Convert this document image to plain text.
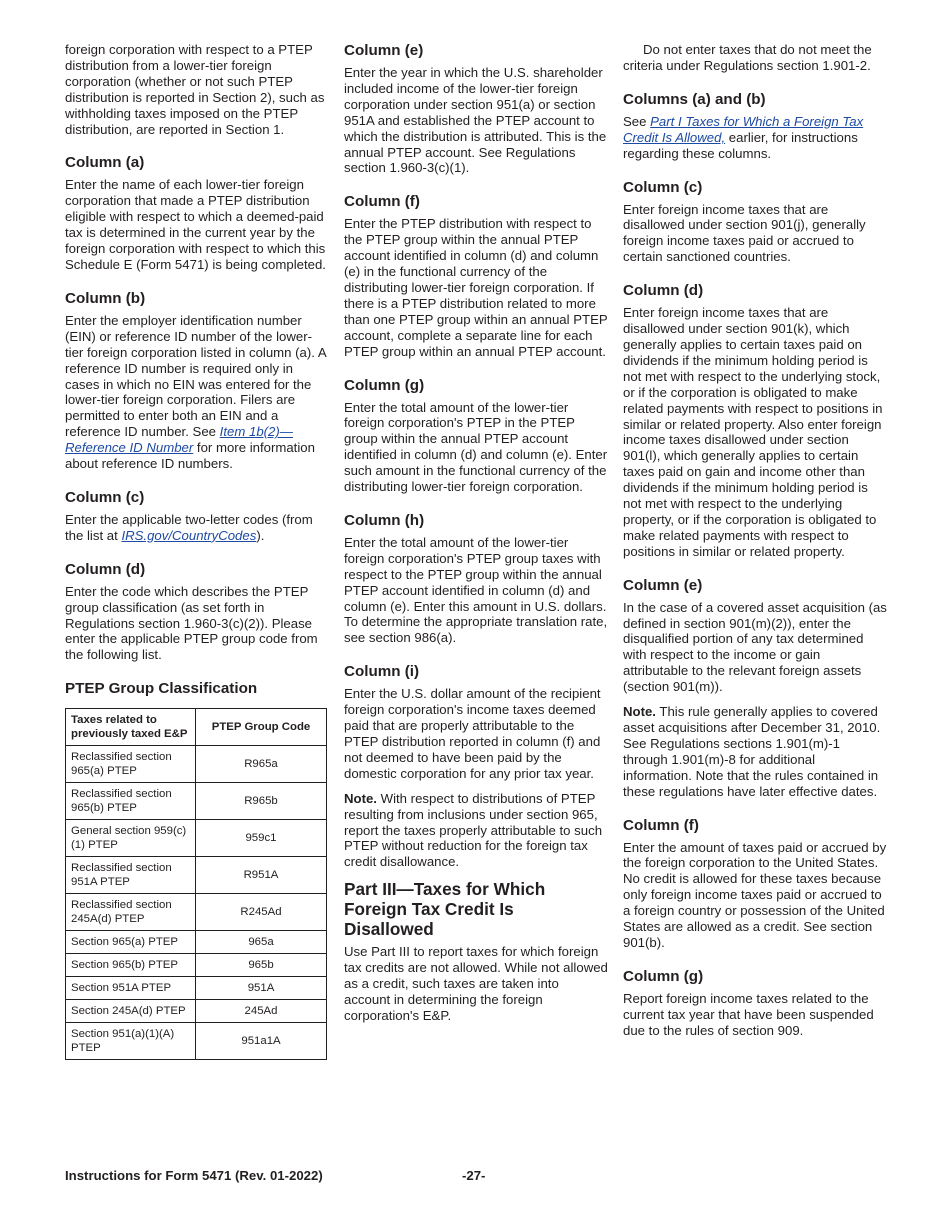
foreign corporation with respect to a PTEP distribution from a lower-tier foreign corporation (whether or not such PTEP distribution is reported in Section 2), such as withholding taxes imposed on the PTEP distribution, are reported in Section 1.

Column (a)

Enter the name of each lower-tier foreign corporation that made a PTEP distribution eligible with respect to which a deemed-paid tax is determined in the current year by the foreign corporation with respect to which this Schedule E (Form 5471) is being completed.

Column (b)

Enter the employer identification number (EIN) or reference ID number of the lower-tier foreign corporation listed in column (a). A reference ID number is required only in cases in which no EIN was entered for the lower-tier foreign corporation. Filers are permitted to enter both an EIN and a reference ID number. See Item 1b(2)—Reference ID Number for more information about reference ID numbers.

Column (c)

Enter the applicable two-letter codes (from the list at IRS.gov/CountryCodes).

Column (d)

Enter the code which describes the PTEP group classification (as set forth in Regulations section 1.960-3(c)(2)). Please enter the applicable PTEP group code from the following list.

PTEP Group Classification
Taxes related to previously taxed E&P	PTEP Group Code
Reclassified section 965(a) PTEP	R965a
Reclassified section 965(b) PTEP	R965b
General section 959(c)(1) PTEP	959c1
Reclassified section 951A PTEP	R951A
Reclassified section 245A(d) PTEP	R245Ad
Section 965(a) PTEP	965a
Section 965(b) PTEP	965b
Section 951A PTEP	951A
Section 245A(d) PTEP	245Ad
Section 951(a)(1)(A) PTEP	951a1A
Column (e)

Enter the year in which the U.S. shareholder included income of the lower-tier foreign corporation under section 951(a) or section 951A and established the PTEP account to which the distribution is attributed. This is the annual PTEP account. See Regulations section 1.960-3(c)(1).

Column (f)

Enter the PTEP distribution with respect to the PTEP group within the annual PTEP account identified in column (d) and column (e) in the functional currency of the distributing lower-tier foreign corporation. If there is a PTEP distribution related to more than one PTEP group within an annual PTEP account, complete a separate line for each PTEP group within an annual PTEP account.

Column (g)

Enter the total amount of the lower-tier foreign corporation's PTEP in the PTEP group within the annual PTEP account identified in column (d) and column (e). Enter such amount in the functional currency of the distributing lower-tier foreign corporation.

Column (h)

Enter the total amount of the lower-tier foreign corporation's PTEP group taxes with respect to the PTEP group within the annual PTEP account identified in column (d) and column (e). Enter this amount in U.S. dollars. To determine the appropriate translation rate, see section 986(a).

Column (i)

Enter the U.S. dollar amount of the recipient foreign corporation's income taxes deemed paid that are properly attributable to the PTEP distribution reported in column (f) and not deemed to have been paid by the domestic corporation for any prior tax year.

Note. With respect to distributions of PTEP resulting from inclusions under section 965, report the taxes properly attributable to such PTEP without reduction for the foreign tax credit disallowance.

Part III—Taxes for Which Foreign Tax Credit Is Disallowed

Use Part III to report taxes for which foreign tax credits are not allowed. While not allowed as a credit, such taxes are taken into account in determining the foreign corporation's E&P.

Do not enter taxes that do not meet the criteria under Regulations section 1.901-2.

Columns (a) and (b)

See Part I Taxes for Which a Foreign Tax Credit Is Allowed, earlier, for instructions regarding these columns.

Column (c)

Enter foreign income taxes that are disallowed under section 901(j), generally foreign income taxes paid or accrued to certain sanctioned countries.

Column (d)

Enter foreign income taxes that are disallowed under section 901(k), which generally applies to certain taxes paid on dividends if the minimum holding period is not met with respect to the underlying stock, or if the corporation is obligated to make related payments with respect to positions in similar or related property. Also enter foreign income taxes disallowed under section 901(l), which generally applies to certain taxes paid on gain and income other than dividends if the minimum holding period is not met with respect to the underlying property, or if the corporation is obligated to make related payments with respect to positions in similar or related property.

Column (e)

In the case of a covered asset acquisition (as defined in section 901(m)(2)), enter the disqualified portion of any tax determined with respect to the income or gain attributable to the relevant foreign assets (section 901(m)).

Note. This rule generally applies to covered asset acquisitions after December 31, 2010. See Regulations sections 1.901(m)-1 through 1.901(m)-8 for additional information. Note that the rules contained in these regulations have later effective dates.

Column (f)

Enter the amount of taxes paid or accrued by the foreign corporation to the United States. No credit is allowed for these taxes because only foreign income taxes paid or accrued to a foreign country or possession of the United States are allowed as a credit. See section 901(b).

Column (g)

Report foreign income taxes related to the current tax year that have been suspended due to the rules of section 909.

Instructions for Form 5471 (Rev. 01-2022)	-27-
